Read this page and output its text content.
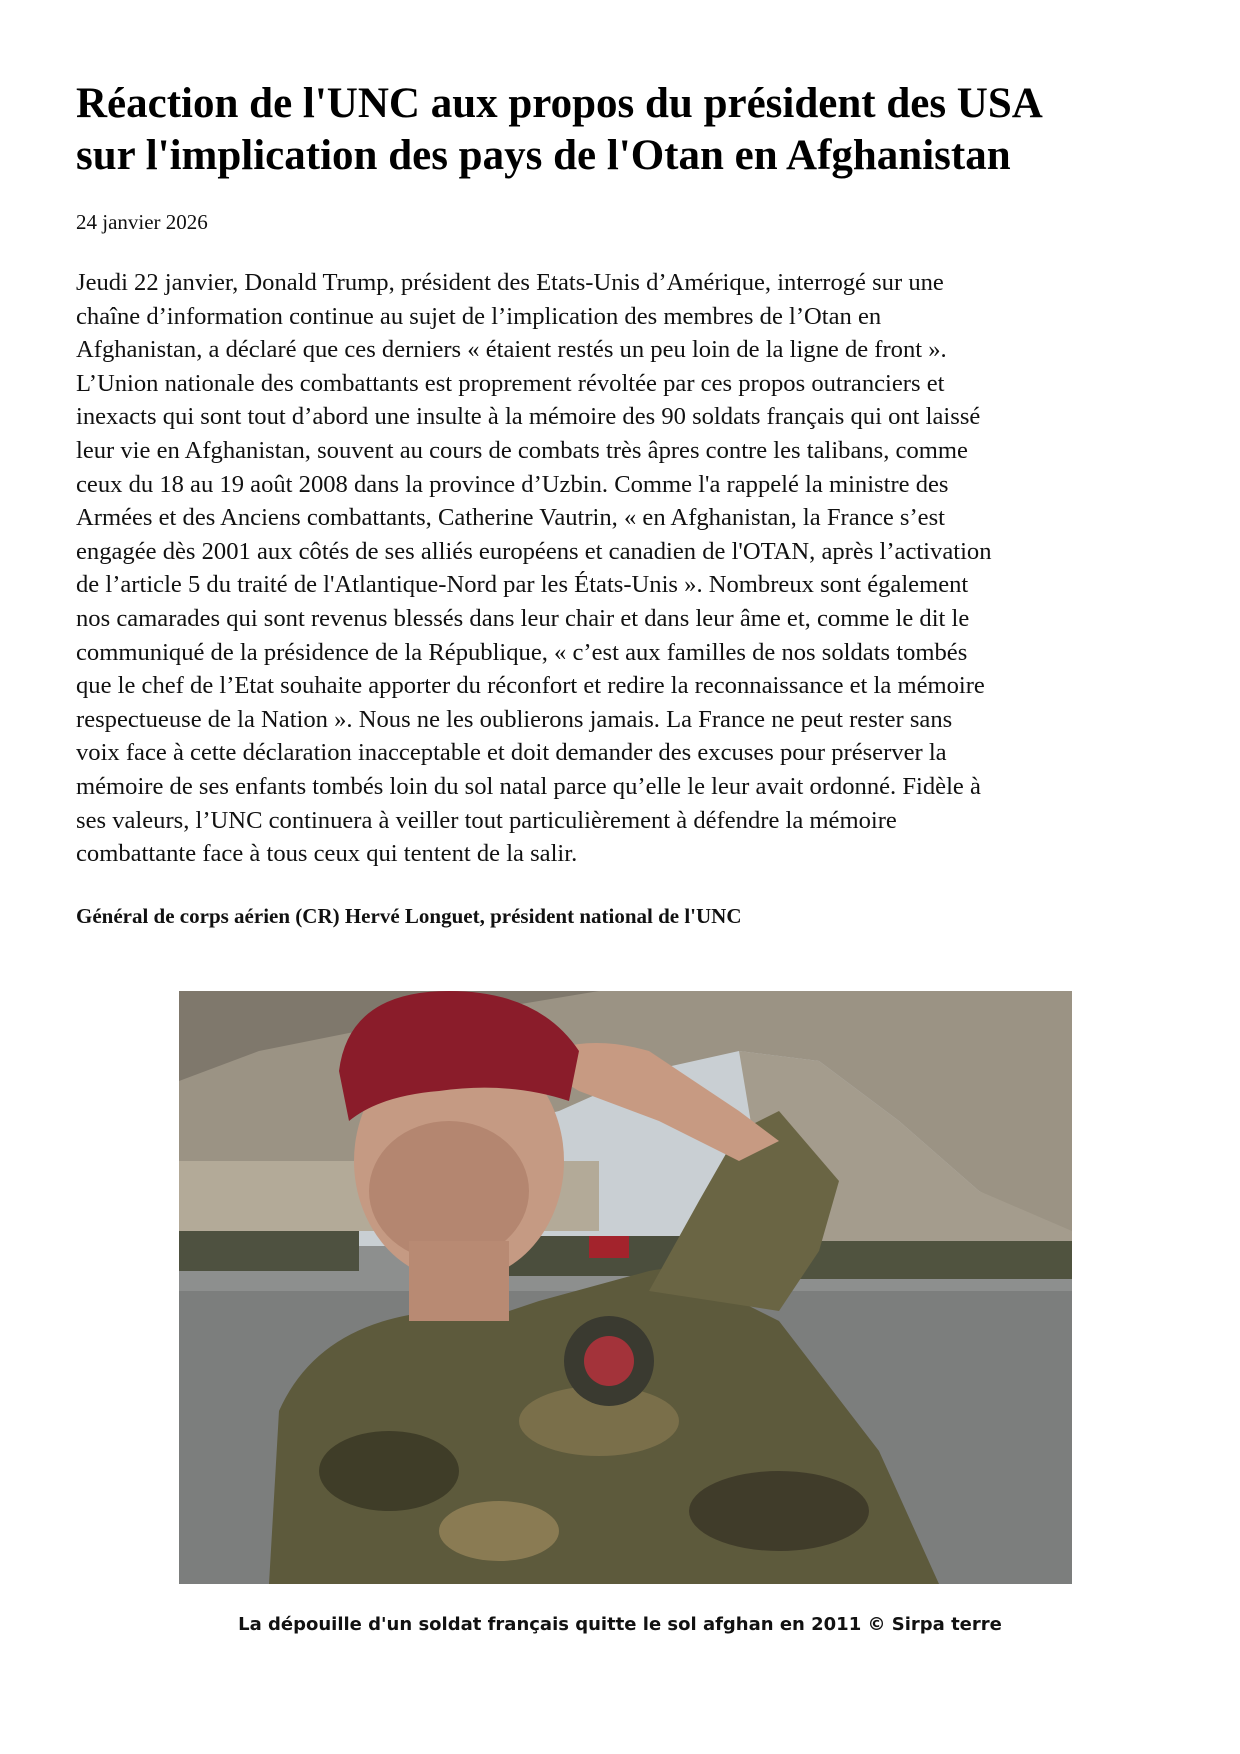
Réaction de l'UNC aux propos du président des USA
sur l'implication des pays de l'Otan en Afghanistan
24 janvier 2026
Jeudi 22 janvier, Donald Trump, président des Etats-Unis d’Amérique, interrogé sur une
chaîne d’information continue au sujet de l’implication des membres de l’Otan en
Afghanistan, a déclaré que ces derniers « étaient restés un peu loin de la ligne de front ».
L’Union nationale des combattants est proprement révoltée par ces propos outranciers et
inexacts qui sont tout d’abord une insulte à la mémoire des 90 soldats français qui ont laissé
leur vie en Afghanistan, souvent au cours de combats très âpres contre les talibans, comme
ceux du 18 au 19 août 2008 dans la province d’Uzbin. Comme l'a rappelé la ministre des
Armées et des Anciens combattants, Catherine Vautrin, « en Afghanistan, la France s’est
engagée dès 2001 aux côtés de ses alliés européens et canadien de l'OTAN, après l’activation
de l’article 5 du traité de l'Atlantique-Nord par les États-Unis ». Nombreux sont également
nos camarades qui sont revenus blessés dans leur chair et dans leur âme et, comme le dit le
communiqué de la présidence de la République, « c’est aux familles de nos soldats tombés
que le chef de l’Etat souhaite apporter du réconfort et redire la reconnaissance et la mémoire
respectueuse de la Nation ». Nous ne les oublierons jamais. La France ne peut rester sans
voix face à cette déclaration inacceptable et doit demander des excuses pour préserver la
mémoire de ses enfants tombés loin du sol natal parce qu’elle le leur avait ordonné. Fidèle à
ses valeurs, l’UNC continuera à veiller tout particulièrement à défendre la mémoire
combattante face à tous ceux qui tentent de la salir.
Général de corps aérien (CR) Hervé Longuet, président national de l'UNC
La dépouille d'un soldat français quitte le sol afghan en 2011 © Sirpa terre
